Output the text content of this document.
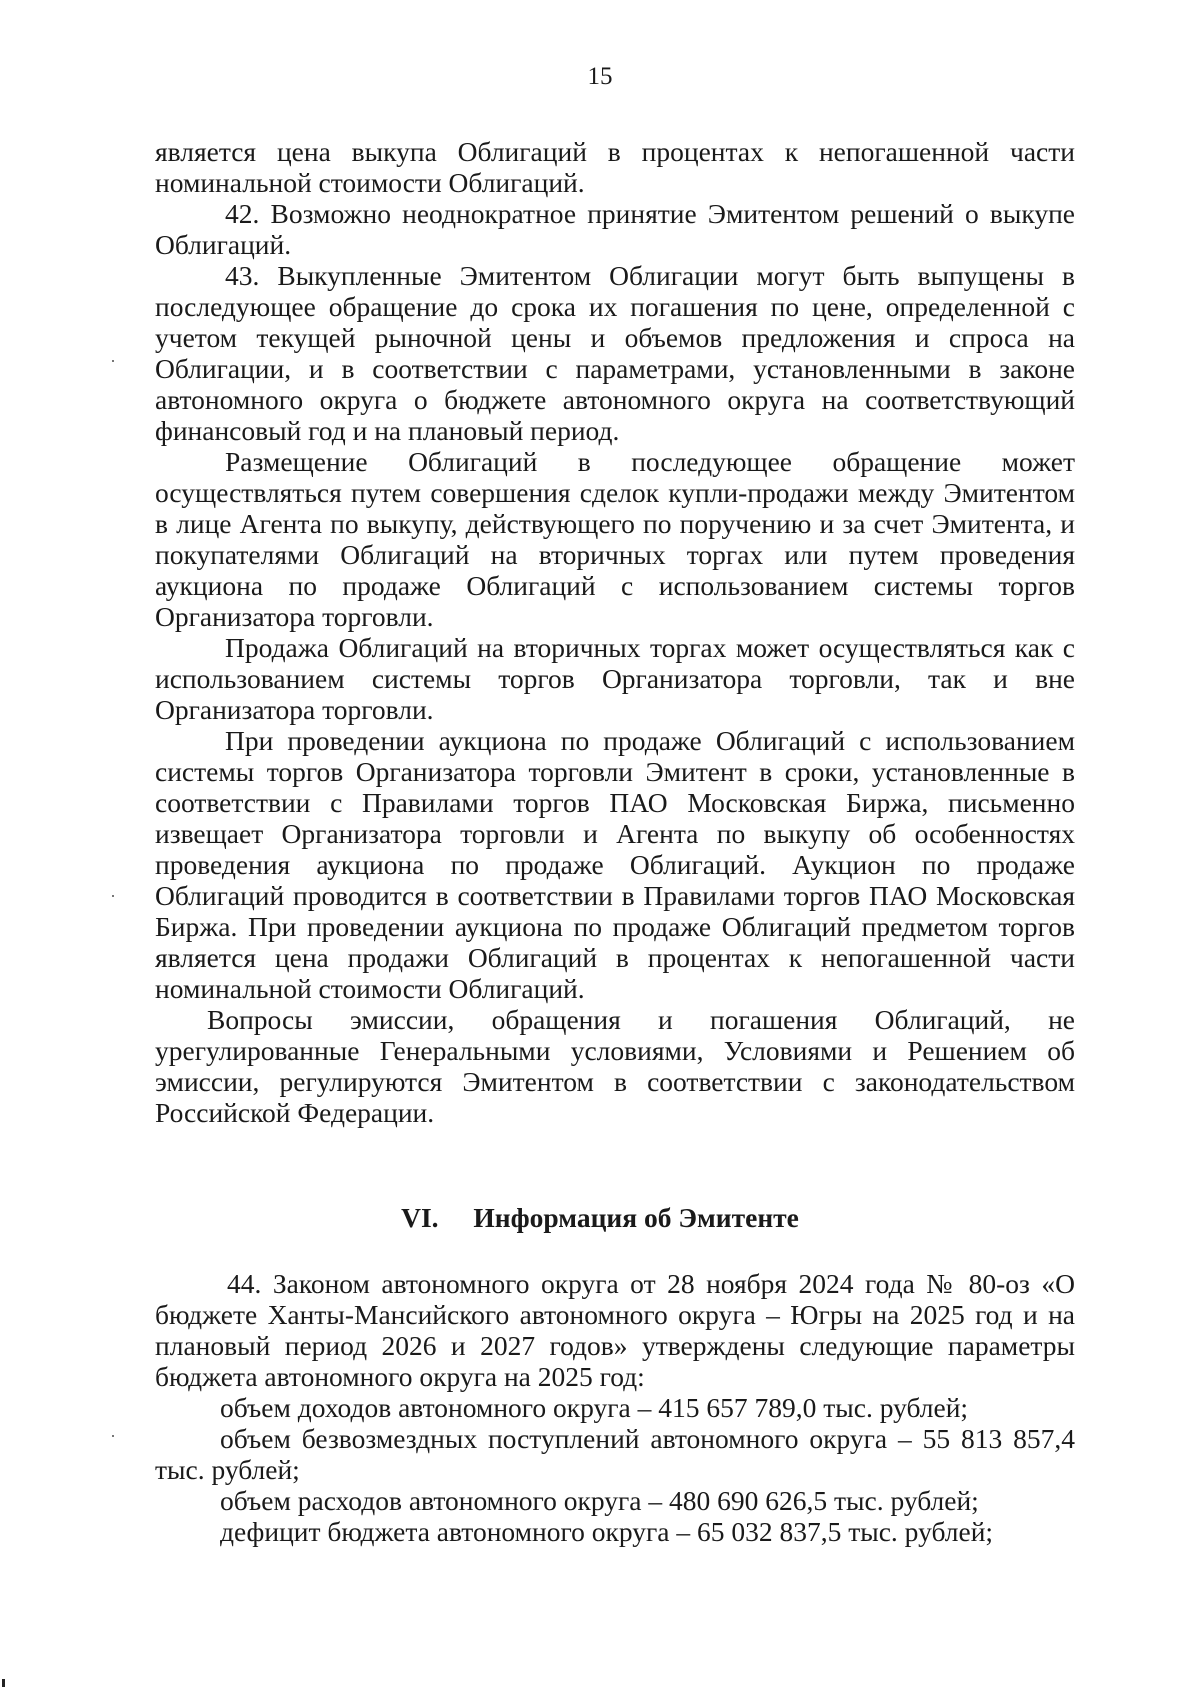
15

является цена выкупа Облигаций в процентах к непогашенной части номинальной стоимости Облигаций.

42. Возможно неоднократное принятие Эмитентом решений о выкупе Облигаций.

43. Выкупленные Эмитентом Облигации могут быть выпущены в последующее обращение до срока их погашения по цене, определенной с учетом текущей рыночной цены и объемов предложения и спроса на Облигации, и в соответствии с параметрами, установленными в законе автономного округа о бюджете автономного округа на соответствующий финансовый год и на плановый период.

Размещение Облигаций в последующее обращение может осуществляться путем совершения сделок купли-продажи между Эмитентом в лице Агента по выкупу, действующего по поручению и за счет Эмитента, и покупателями Облигаций на вторичных торгах или путем проведения аукциона по продаже Облигаций с использованием системы торгов Организатора торговли.

Продажа Облигаций на вторичных торгах может осуществляться как с использованием системы торгов Организатора торговли, так и вне Организатора торговли.

При проведении аукциона по продаже Облигаций с использованием системы торгов Организатора торговли Эмитент в сроки, установленные в соответствии с Правилами торгов ПАО Московская Биржа, письменно извещает Организатора торговли и Агента по выкупу об особенностях проведения аукциона по продаже Облигаций. Аукцион по продаже Облигаций проводится в соответствии в Правилами торгов ПАО Московская Биржа. При проведении аукциона по продаже Облигаций предметом торгов является цена продажи Облигаций в процентах к непогашенной части номинальной стоимости Облигаций.

Вопросы эмиссии, обращения и погашения Облигаций, не урегулированные Генеральными условиями, Условиями и Решением об эмиссии, регулируются Эмитентом в соответствии с законодательством Российской Федерации.

VI. Информация об Эмитенте

44. Законом автономного округа от 28 ноября 2024 года № 80-оз «О бюджете Ханты-Мансийского автономного округа – Югры на 2025 год и на плановый период 2026 и 2027 годов» утверждены следующие параметры бюджета автономного округа на 2025 год:

объем доходов автономного округа – 415 657 789,0 тыс. рублей;

объем безвозмездных поступлений автономного округа – 55 813 857,4 тыс. рублей;

объем расходов автономного округа – 480 690 626,5 тыс. рублей;

дефицит бюджета автономного округа – 65 032 837,5 тыс. рублей;
